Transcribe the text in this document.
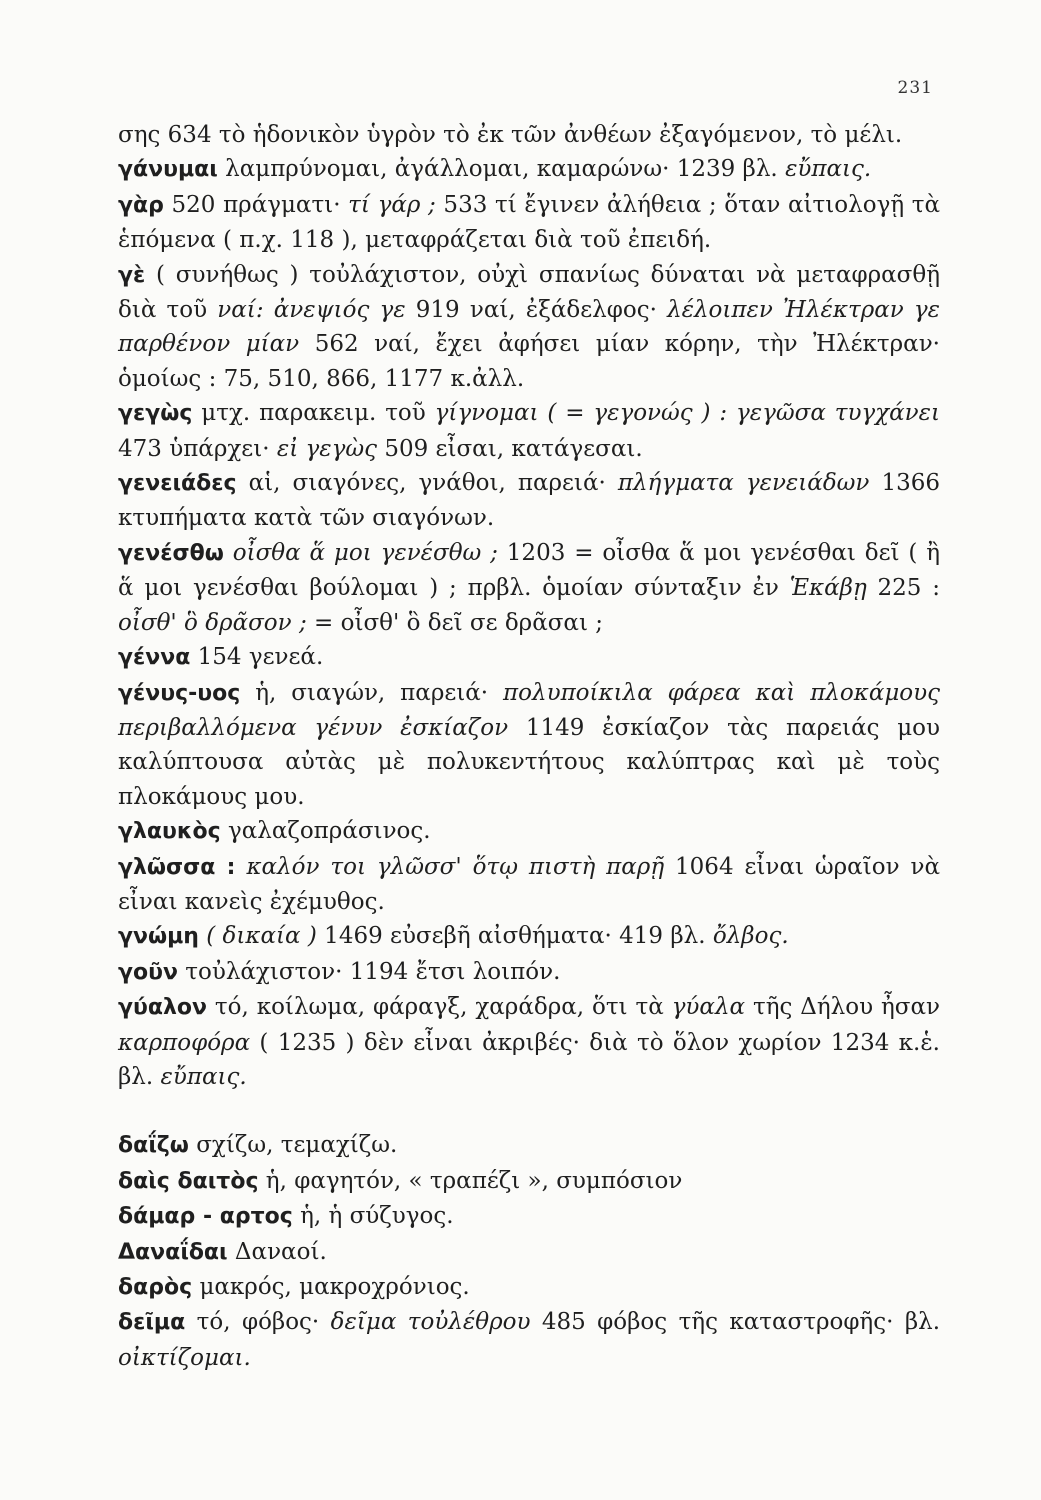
231

σης 634 τὸ ἡδονικὸν ὑγρὸν τὸ ἐκ τῶν ἀνθέων ἐξαγόμενον, τὸ μέλι.

γάνυμαι λαμπρύνομαι, ἀγάλλομαι, καμαρώνω· 1239 βλ. εὔπαις.

γὰρ 520 πράγματι· τί γάρ ; 533 τί ἔγινεν ἀλήθεια ; ὅταν αἰτιολογῇ τὰ ἑπόμενα ( π.χ. 118 ), μεταφράζεται διὰ τοῦ ἐπειδή.

γὲ ( συνήθως ) τοὐλάχιστον, οὐχὶ σπανίως δύναται νὰ μεταφρασθῇ διὰ τοῦ ναί: ἀνεψιός γε 919 ναί, ἐξάδελφος· λέλοιπεν Ἠλέκτραν γε παρθένον μίαν 562 ναί, ἔχει ἀφήσει μίαν κόρην, τὴν Ἠλέκτραν· ὁμοίως : 75, 510, 866, 1177 κ.ἀλλ.

γεγὼς μτχ. παρακειμ. τοῦ γίγνομαι ( = γεγονώς ) : γεγῶσα τυγχάνει 473 ὑπάρχει· εἰ γεγὼς 509 εἶσαι, κατάγεσαι.

γενειάδες αἱ, σιαγόνες, γνάθοι, παρειά· πλήγματα γενειάδων 1366 κτυπήματα κατὰ τῶν σιαγόνων.

γενέσθω οἶσθα ἅ μοι γενέσθω ; 1203 = οἶσθα ἅ μοι γενέσθαι δεῖ ( ἢ ἅ μοι γενέσθαι βούλομαι ) ; πρβλ. ὁμοίαν σύνταξιν ἐν Ἑκάβῃ 225 : οἶσθ' ὃ δρᾶσον ; = οἶσθ' ὃ δεῖ σε δρᾶσαι ;

γέννα 154 γενεά.

γένυς-υος ἡ, σιαγών, παρειά· πολυποίκιλα φάρεα καὶ πλοκάμους περιβαλλόμενα γένυν ἐσκίαζον 1149 ἐσκίαζον τὰς παρειάς μου καλύπτουσα αὐτὰς μὲ πολυκεντήτους καλύπτρας καὶ μὲ τοὺς πλοκάμους μου.

γλαυκὸς γαλαζοπράσινος.

γλῶσσα : καλόν τοι γλῶσσ' ὅτῳ πιστὴ παρῇ 1064 εἶναι ὡραῖον νὰ εἶναι κανεὶς ἐχέμυθος.

γνώμη ( δικαία ) 1469 εὐσεβῆ αἰσθήματα· 419 βλ. ὄλβος.

γοῦν τοὐλάχιστον· 1194 ἔτσι λοιπόν.

γύαλον τό, κοίλωμα, φάραγξ, χαράδρα, ὅτι τὰ γύαλα τῆς Δήλου ἦσαν καρποφόρα ( 1235 ) δὲν εἶναι ἀκριβές· διὰ τὸ ὅλον χωρίον 1234 κ.ἑ. βλ. εὔπαις.

δαΐζω σχίζω, τεμαχίζω.

δαὶς δαιτὸς ἡ, φαγητόν, « τραπέζι », συμπόσιον

δάμαρ - αρτος ἡ, ἡ σύζυγος.

Δαναΐδαι Δαναοί.

δαρὸς μακρός, μακροχρόνιος.

δεῖμα τό, φόβος· δεῖμα τοὐλέθρου 485 φόβος τῆς καταστροφῆς· βλ. οἰκτίζομαι.
